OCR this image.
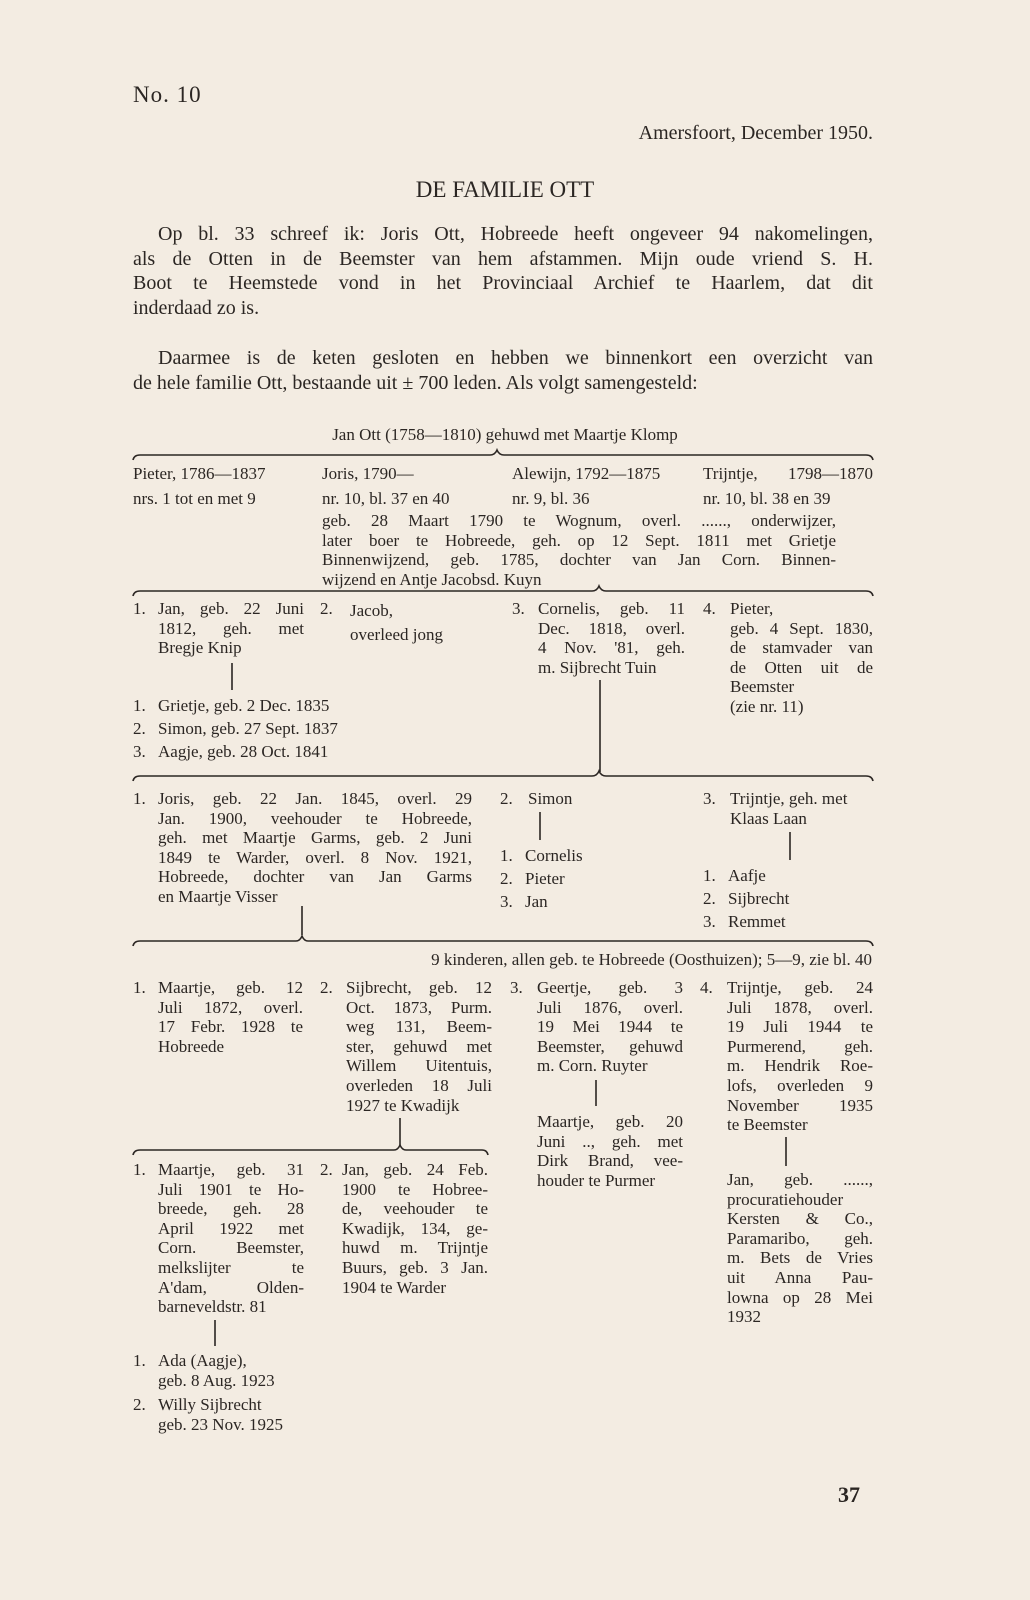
No. 10
Amersfoort, December 1950.
DE FAMILIE OTT
Op bl. 33 schreef ik: Joris Ott, Hobreede heeft ongeveer 94 nakomelingen,
als de Otten in de Beemster van hem afstammen. Mijn oude vriend S. H.
Boot te Heemstede vond in het Provinciaal Archief te Haarlem, dat dit
inderdaad zo is.
Daarmee is de keten gesloten en hebben we binnenkort een overzicht van
de hele familie Ott, bestaande uit ± 700 leden. Als volgt samengesteld:
Jan Ott (1758—1810) gehuwd met Maartje Klomp
Pieter, 1786—1837
nrs. 1 tot en met 9
Joris, 1790—
nr. 10, bl. 37 en 40
Alewijn, 1792—1875
nr. 9, bl. 36
Trijntje, 1798—1870
nr. 10, bl. 38 en 39
geb. 28 Maart 1790 te Wognum, overl. ......, onderwijzer,
later boer te Hobreede, geh. op 12 Sept. 1811 met Grietje
Binnenwijzend, geb. 1785, dochter van Jan Corn. Binnen-
wijzend en Antje Jacobsd. Kuyn
1. Jan, geb. 22 Juni
1812, geh. met
Bregje Knip
2. Jacob,
overleed jong
3. Cornelis, geb. 11
Dec. 1818, overl.
4 Nov. '81, geh.
m. Sijbrecht Tuin
4. Pieter,
geb. 4 Sept. 1830,
de stamvader van
de Otten uit de
Beemster
(zie nr. 11)
1. Grietje, geb. 2 Dec. 1835
2. Simon, geb. 27 Sept. 1837
3. Aagje, geb. 28 Oct. 1841
1. Joris, geb. 22 Jan. 1845, overl. 29
Jan. 1900, veehouder te Hobreede,
geh. met Maartje Garms, geb. 2 Juni
1849 te Warder, overl. 8 Nov. 1921,
Hobreede, dochter van Jan Garms
en Maartje Visser
2. Simon
1. Cornelis
2. Pieter
3. Jan
3. Trijntje, geh. met
Klaas Laan
1. Aafje
2. Sijbrecht
3. Remmet
9 kinderen, allen geb. te Hobreede (Oosthuizen); 5—9, zie bl. 40
1. Maartje, geb. 12
Juli 1872, overl.
17 Febr. 1928 te
Hobreede
2. Sijbrecht, geb. 12
Oct. 1873, Purm.
weg 131, Beem-
ster, gehuwd met
Willem Uitentuis,
overleden 18 Juli
1927 te Kwadijk
3. Geertje, geb. 3
Juli 1876, overl.
19 Mei 1944 te
Beemster, gehuwd
m. Corn. Ruyter
4. Trijntje, geb. 24
Juli 1878, overl.
19 Juli 1944 te
Purmerend, geh.
m. Hendrik Roe-
lofs, overleden 9
November 1935
te Beemster
Maartje, geb. 20
Juni .., geh. met
Dirk Brand, vee-
houder te Purmer	Jan, geb. ......,
procuratiehouder
Kersten & Co.,
Paramaribo, geh.
m. Bets de Vries
uit Anna Pau-
lowna op 28 Mei
1932
1. Maartje, geb. 31
Juli 1901 te Ho-
breede, geh. 28
April 1922 met
Corn. Beemster,
melkslijter te
A'dam, Olden-
barneveldstr. 81
2. Jan, geb. 24 Feb.
1900 te Hobree-
de, veehouder te
Kwadijk, 134, ge-
huwd m. Trijntje
Buurs, geb. 3 Jan.
1904 te Warder
1. Ada (Aagje),
geb. 8 Aug. 1923
2. Willy Sijbrecht
geb. 23 Nov. 1925
37
